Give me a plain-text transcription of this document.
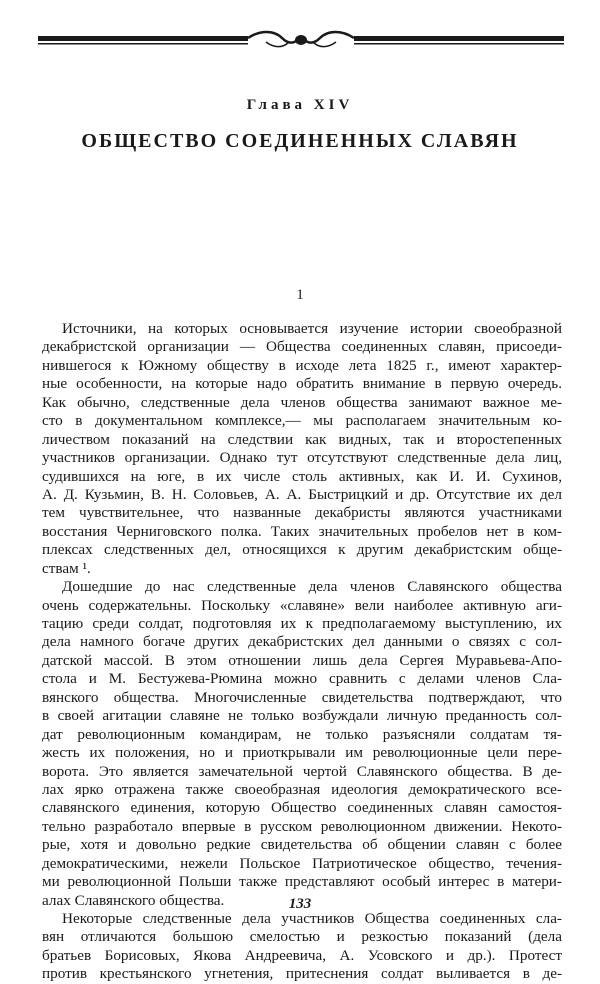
Глава XIV
ОБЩЕСТВО СОЕДИНЕННЫХ СЛАВЯН
1
Источники, на которых основывается изучение истории своеобразной
декабристской организации — Общества соединенных славян, присоеди-
нившегося к Южному обществу в исходе лета 1825 г., имеют характер-
ные особенности, на которые надо обратить внимание в первую очередь.
Как обычно, следственные дела членов общества занимают важное ме-
сто в документальном комплексе,— мы располагаем значительным ко-
личеством показаний на следствии как видных, так и второстепенных
участников организации. Однако тут отсутствуют следственные дела лиц,
судившихся на юге, в их числе столь активных, как И. И. Сухинов,
А. Д. Кузьмин, В. Н. Соловьев, А. А. Быстрицкий и др. Отсутствие их дел
тем чувствительнее, что названные декабристы являются участниками
восстания Черниговского полка. Таких значительных пробелов нет в ком-
плексах следственных дел, относящихся к другим декабристским обще-
ствам ¹.
Дошедшие до нас следственные дела членов Славянского общества
очень содержательны. Поскольку «славяне» вели наиболее активную аги-
тацию среди солдат, подготовляя их к предполагаемому выступлению, их
дела намного богаче других декабристских дел данными о связях с сол-
датской массой. В этом отношении лишь дела Сергея Муравьева-Апо-
стола и М. Бестужева-Рюмина можно сравнить с делами членов Сла-
вянского общества. Многочисленные свидетельства подтверждают, что
в своей агитации славяне не только возбуждали личную преданность сол-
дат революционным командирам, не только разъясняли солдатам тя-
жесть их положения, но и приоткрывали им революционные цели пере-
ворота. Это является замечательной чертой Славянского общества. В де-
лах ярко отражена также своеобразная идеология демократического все-
славянского единения, которую Общество соединенных славян самостоя-
тельно разработало впервые в русском революционном движении. Некото-
рые, хотя и довольно редкие свидетельства об общении славян с более
демократическими, нежели Польское Патриотическое общество, течения-
ми революционной Польши также представляют особый интерес в матери-
алах Славянского общества.
Некоторые следственные дела участников Общества соединенных сла-
вян отличаются большою смелостью и резкостью показаний (дела
братьев Борисовых, Якова Андреевича, А. Усовского и др.). Протест
против крестьянского угнетения, притеснения солдат выливается в де-
133
